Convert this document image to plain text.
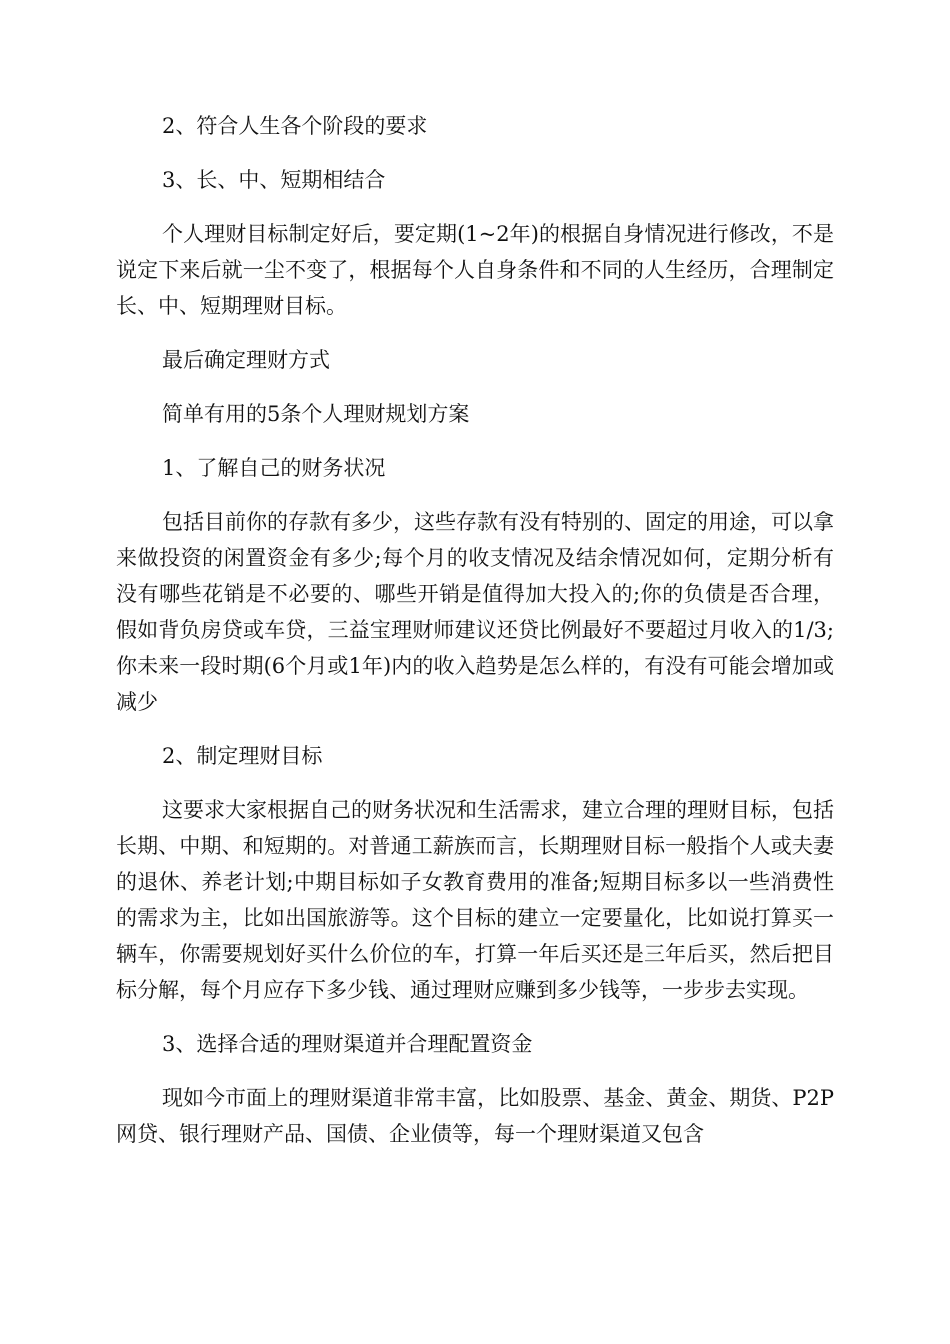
2、符合人生各个阶段的要求

3、长、中、短期相结合

个人理财目标制定好后，要定期(1~2年)的根据自身情况进行修改，不是说定下来后就一尘不变了，根据每个人自身条件和不同的人生经历，合理制定长、中、短期理财目标。

最后确定理财方式

简单有用的5条个人理财规划方案

1、了解自己的财务状况

包括目前你的存款有多少，这些存款有没有特别的、固定的用途，可以拿来做投资的闲置资金有多少;每个月的收支情况及结余情况如何，定期分析有没有哪些花销是不必要的、哪些开销是值得加大投入的;你的负债是否合理，假如背负房贷或车贷，三益宝理财师建议还贷比例最好不要超过月收入的1/3;你未来一段时期(6个月或1年)内的收入趋势是怎么样的，有没有可能会增加或减少

2、制定理财目标

这要求大家根据自己的财务状况和生活需求，建立合理的理财目标，包括长期、中期、和短期的。对普通工薪族而言，长期理财目标一般指个人或夫妻的退休、养老计划;中期目标如子女教育费用的准备;短期目标多以一些消费性的需求为主，比如出国旅游等。这个目标的建立一定要量化，比如说打算买一辆车，你需要规划好买什么价位的车，打算一年后买还是三年后买，然后把目标分解，每个月应存下多少钱、通过理财应赚到多少钱等，一步步去实现。

3、选择合适的理财渠道并合理配置资金

现如今市面上的理财渠道非常丰富，比如股票、基金、黄金、期货、P2P网贷、银行理财产品、国债、企业债等，每一个理财渠道又包含
